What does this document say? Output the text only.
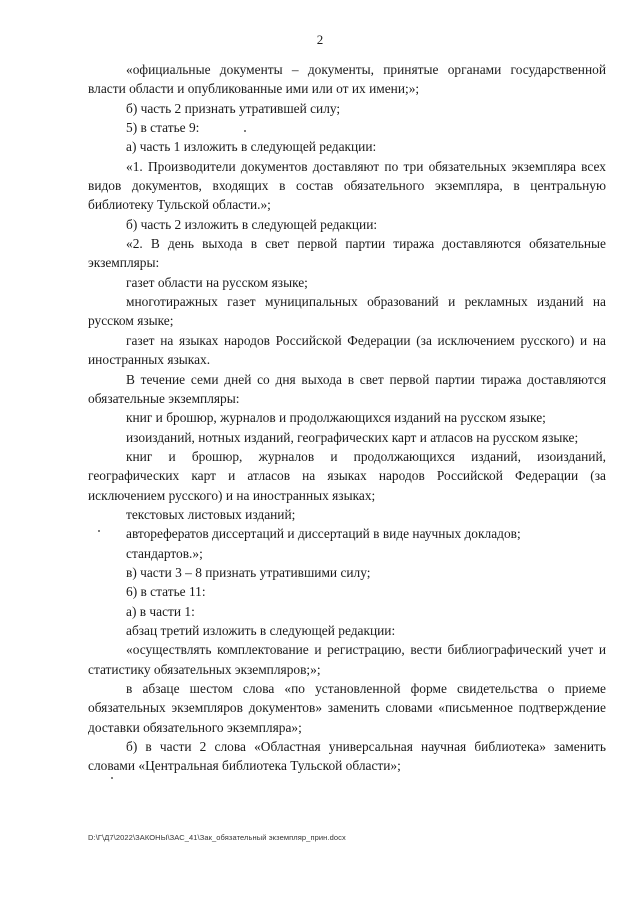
2

«официальные документы – документы, принятые органами государственной власти области и опубликованные ими или от их имени;»;

б) часть 2 признать утратившей силу;

5) в статье 9:

а) часть 1 изложить в следующей редакции:

«1. Производители документов доставляют по три обязательных экземпляра всех видов документов, входящих в состав обязательного экземпляра, в центральную библиотеку Тульской области.»;

б) часть 2 изложить в следующей редакции:

«2. В день выхода в свет первой партии тиража доставляются обязательные экземпляры:

газет области на русском языке;

многотиражных газет муниципальных образований и рекламных изданий на русском языке;

газет на языках народов Российской Федерации (за исключением русского) и на иностранных языках.

В течение семи дней со дня выхода в свет первой партии тиража доставляются обязательные экземпляры:

книг и брошюр, журналов и продолжающихся изданий на русском языке;

изоизданий, нотных изданий, географических карт и атласов на русском языке;

книг и брошюр, журналов и продолжающихся изданий, изоизданий, географических карт и атласов на языках народов Российской Федерации (за исключением русского) и на иностранных языках;

текстовых листовых изданий;

авторефератов диссертаций и диссертаций в виде научных докладов;

стандартов.»;

в) части 3 – 8 признать утратившими силу;

6) в статье 11:

а) в части 1:

абзац третий изложить в следующей редакции:

«осуществлять комплектование и регистрацию, вести библиографический учет и статистику обязательных экземпляров;»;

в абзаце шестом слова «по установленной форме свидетельства о приеме обязательных экземпляров документов» заменить словами «письменное подтверждение доставки обязательного экземпляра»;

б) в части 2 слова «Областная универсальная научная библиотека» заменить словами «Центральная библиотека Тульской области»;

D:\Г\Д7\2022\ЗАКОНЫ\ЗАС_41\Зак_обязательный экземпляр_прин.docx
